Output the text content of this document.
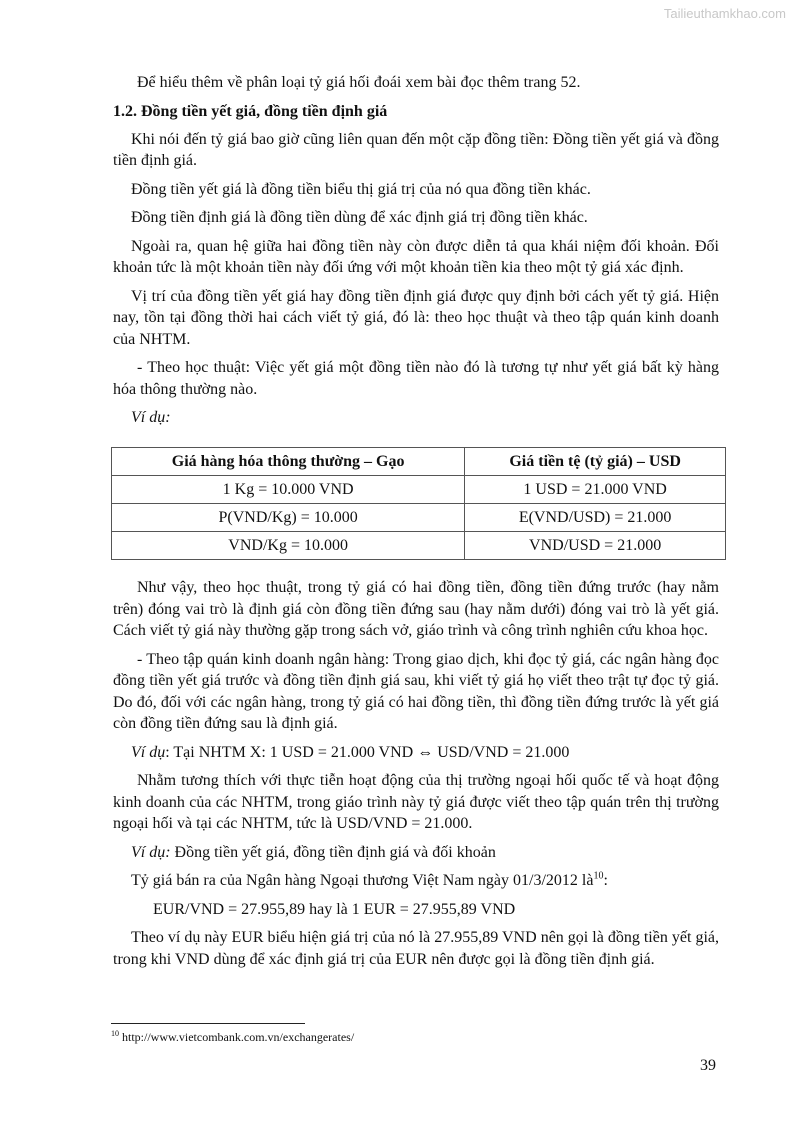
Tailieuthamkhao.com

Để hiểu thêm về phân loại tỷ giá hối đoái xem bài đọc thêm trang 52.

1.2. Đồng tiền yết giá, đồng tiền định giá

Khi nói đến tỷ giá bao giờ cũng liên quan đến một cặp đồng tiền: Đồng tiền yết giá và đồng tiền định giá.

Đồng tiền yết giá là đồng tiền biểu thị giá trị của nó qua đồng tiền khác.

Đồng tiền định giá là đồng tiền dùng để xác định giá trị đồng tiền khác.

Ngoài ra, quan hệ giữa hai đồng tiền này còn được diễn tả qua khái niệm đối khoản. Đối khoản tức là một khoản tiền này đối ứng với một khoản tiền kia theo một tỷ giá xác định.

Vị trí của đồng tiền yết giá hay đồng tiền định giá được quy định bởi cách yết tỷ giá. Hiện nay, tồn tại đồng thời hai cách viết tỷ giá, đó là: theo học thuật và theo tập quán kinh doanh của NHTM.

- Theo học thuật: Việc yết giá một đồng tiền nào đó là tương tự như yết giá bất kỳ hàng hóa thông thường nào.

Ví dụ:

Giá hàng hóa thông thường – Gạo	Giá tiền tệ (tỷ giá) – USD
1 Kg = 10.000 VND	1 USD = 21.000 VND
P(VND/Kg) = 10.000	E(VND/USD) = 21.000
VND/Kg = 10.000	VND/USD = 21.000

Như vậy, theo học thuật, trong tỷ giá có hai đồng tiền, đồng tiền đứng trước (hay nằm trên) đóng vai trò là định giá còn đồng tiền đứng sau (hay nằm dưới) đóng vai trò là yết giá. Cách viết tỷ giá này thường gặp trong sách vở, giáo trình và công trình nghiên cứu khoa học.

- Theo tập quán kinh doanh ngân hàng: Trong giao dịch, khi đọc tỷ giá, các ngân hàng đọc đồng tiền yết giá trước và đồng tiền định giá sau, khi viết tỷ giá họ viết theo trật tự đọc tỷ giá. Do đó, đối với các ngân hàng, trong tỷ giá có hai đồng tiền, thì đồng tiền đứng trước là yết giá còn đồng tiền đứng sau là định giá.

Ví dụ: Tại NHTM X: 1 USD = 21.000 VND ⇔ USD/VND = 21.000

Nhằm tương thích với thực tiễn hoạt động của thị trường ngoại hối quốc tế và hoạt động kinh doanh của các NHTM, trong giáo trình này tỷ giá được viết theo tập quán trên thị trường ngoại hối và tại các NHTM, tức là USD/VND = 21.000.

Ví dụ: Đồng tiền yết giá, đồng tiền định giá và đối khoản

Tỷ giá bán ra của Ngân hàng Ngoại thương Việt Nam ngày 01/3/2012 $là^{10}$:

EUR/VND = 27.955,89 hay là 1 EUR = 27.955,89 VND

Theo ví dụ này EUR biểu hiện giá trị của nó là 27.955,89 VND nên gọi là đồng tiền yết giá, trong khi VND dùng để xác định giá trị của EUR nên được gọi là đồng tiền định giá.

$^{10}$ http://www.vietcombank.com.vn/exchangerates/
39
